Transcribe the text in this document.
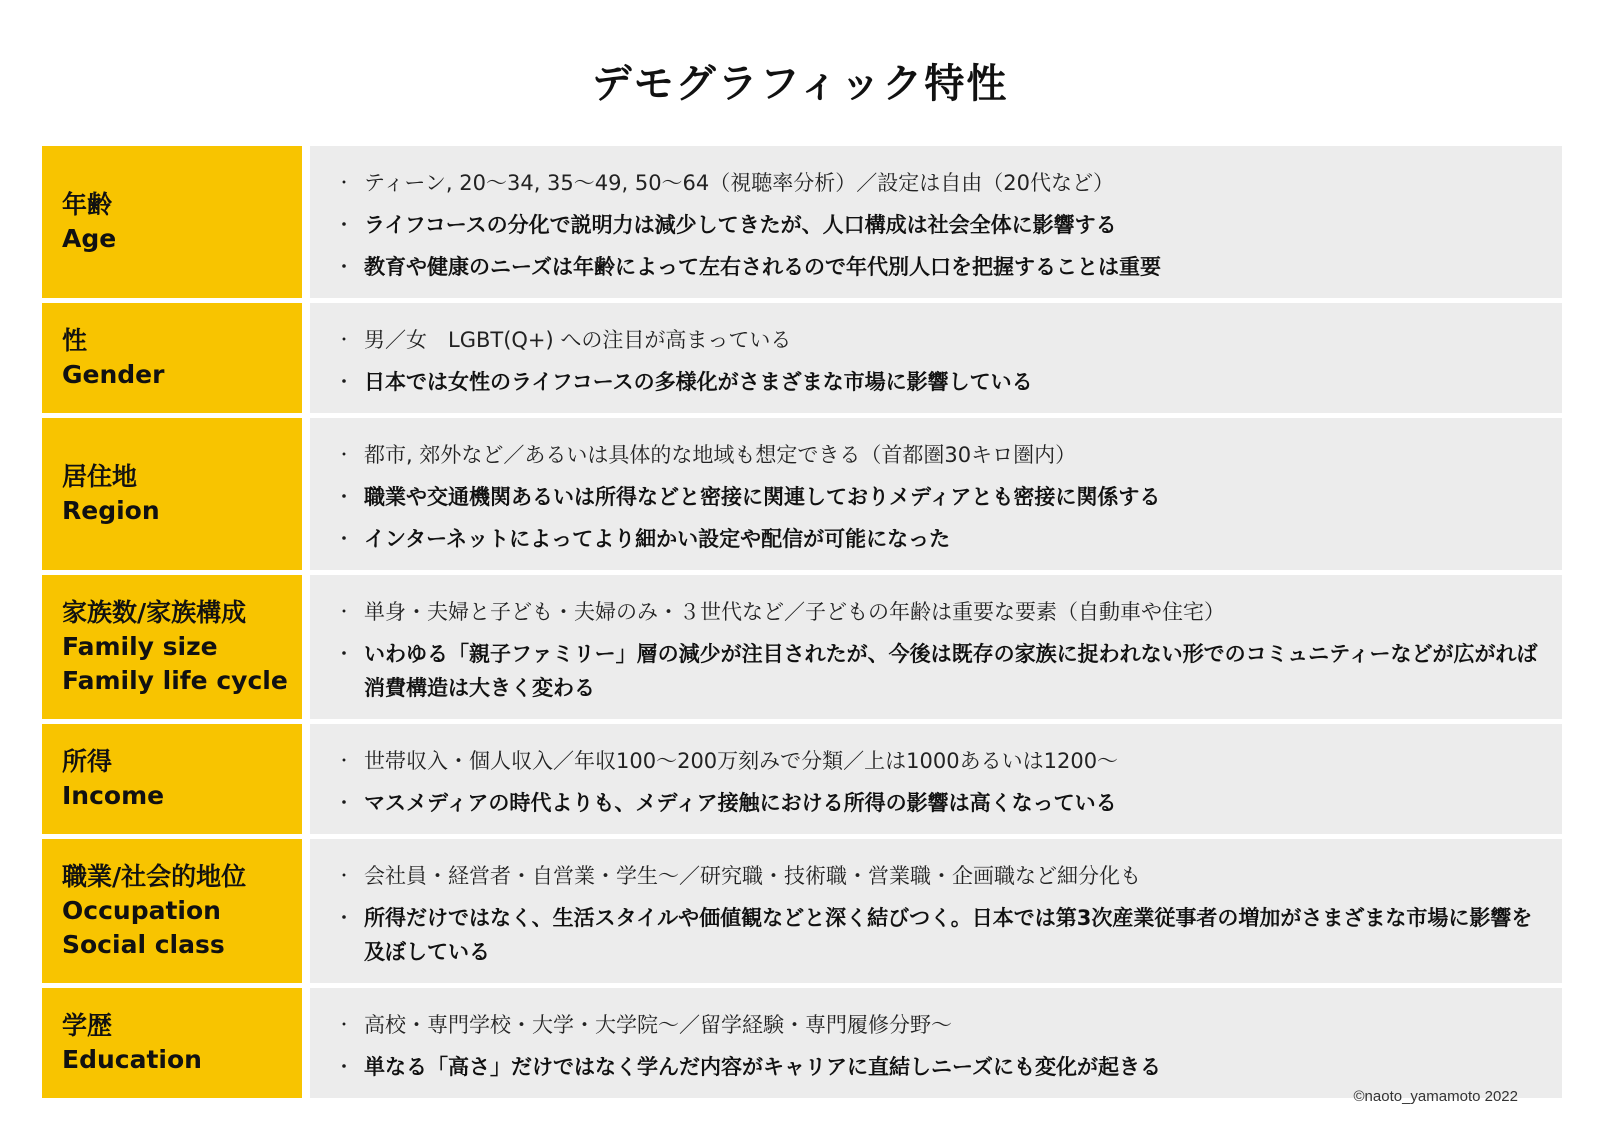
デモグラフィック特性
年齢
Age
・ ティーン, 20〜34, 35〜49, 50〜64（視聴率分析）／設定は自由（20代など）
・ ライフコースの分化で説明力は減少してきたが、人口構成は社会全体に影響する
・ 教育や健康のニーズは年齢によって左右されるので年代別人口を把握することは重要
性
Gender
・ 男／女　LGBT(Q+) への注目が高まっている
・ 日本では女性のライフコースの多様化がさまざまな市場に影響している
居住地
Region
・ 都市, 郊外など／あるいは具体的な地域も想定できる（首都圏30キロ圏内）
・ 職業や交通機関あるいは所得などと密接に関連しておりメディアとも密接に関係する
・ インターネットによってより細かい設定や配信が可能になった
家族数/家族構成
Family size
Family life cycle
・ 単身・夫婦と子ども・夫婦のみ・３世代など／子どもの年齢は重要な要素（自動車や住宅）
・ いわゆる「親子ファミリー」層の減少が注目されたが、今後は既存の家族に捉われない形でのコミュニティーなどが広がれば消費構造は大きく変わる
所得
Income
・ 世帯収入・個人収入／年収100〜200万刻みで分類／上は1000あるいは1200〜
・ マスメディアの時代よりも、メディア接触における所得の影響は高くなっている
職業/社会的地位
Occupation
Social class
・ 会社員・経営者・自営業・学生〜／研究職・技術職・営業職・企画職など細分化も
・ 所得だけではなく、生活スタイルや価値観などと深く結びつく。日本では第3次産業従事者の増加がさまざまな市場に影響を及ぼしている
学歴
Education
・ 高校・専門学校・大学・大学院〜／留学経験・専門履修分野〜
・ 単なる「高さ」だけではなく学んだ内容がキャリアに直結しニーズにも変化が起きる
©naoto_yamamoto 2022
